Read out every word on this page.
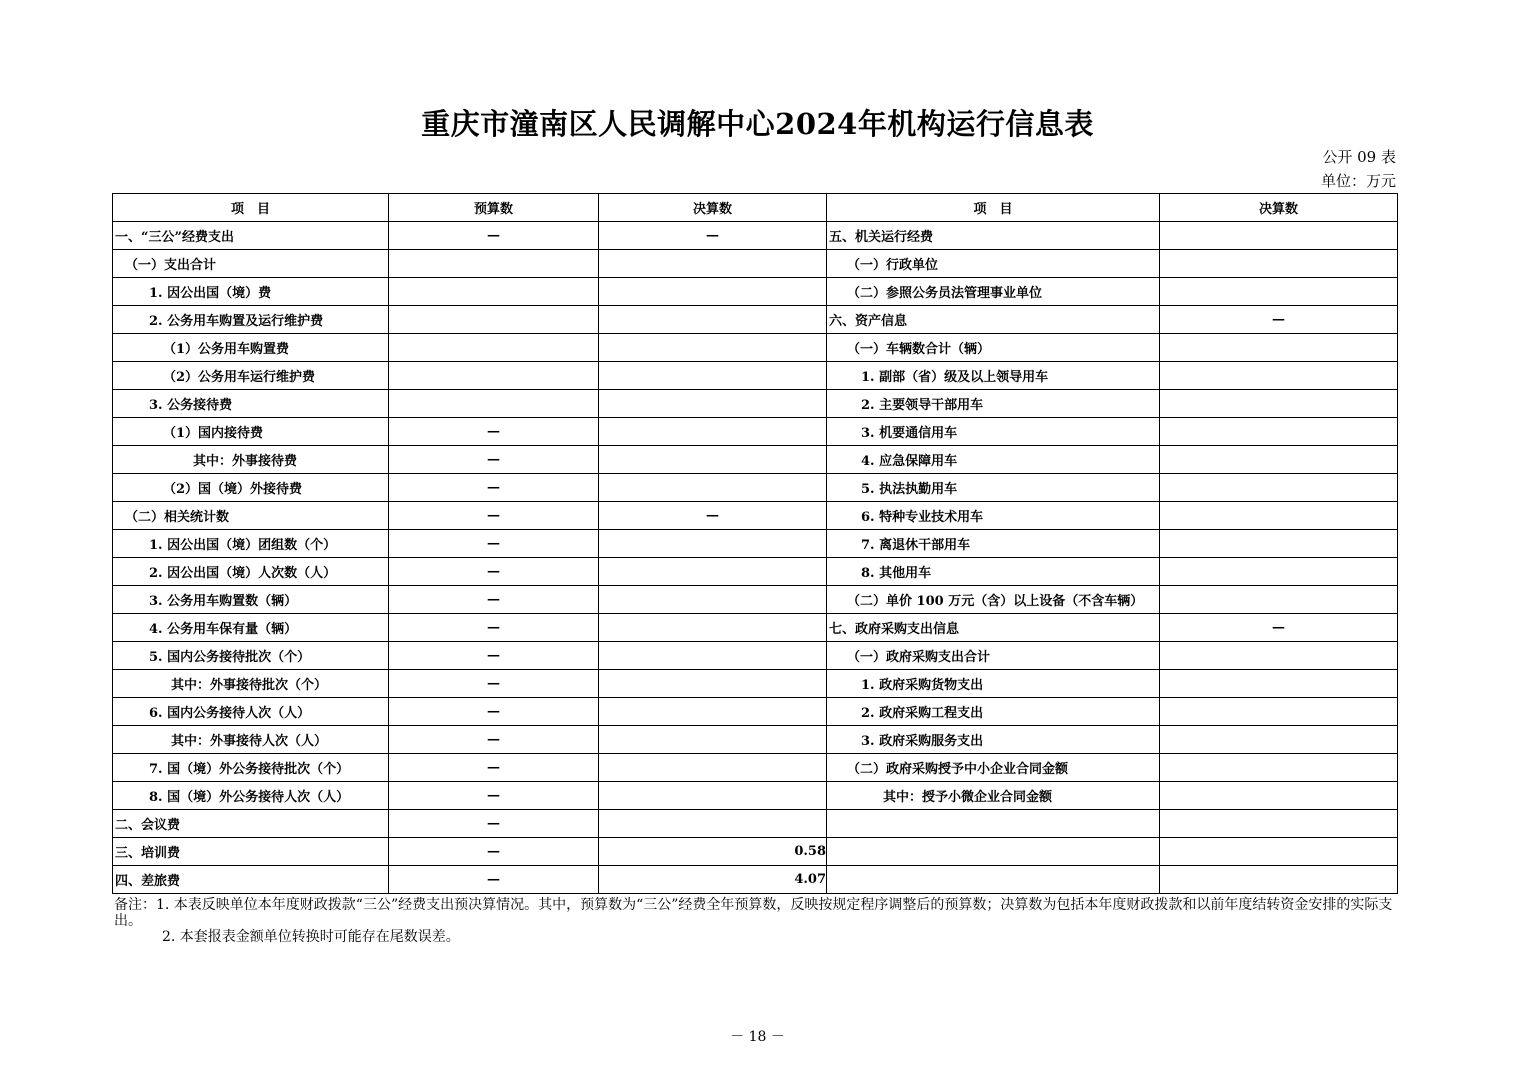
重庆市潼南区人民调解中心2024年机构运行信息表
公开 09 表
单位：万元
项　目	预算数	决算数	项　目	决算数
一、“三公”经费支出	—	—	五、机关运行经费	
（一）支出合计			（一）行政单位	
1. 因公出国（境）费			（二）参照公务员法管理事业单位	
2. 公务用车购置及运行维护费			六、资产信息	—
（1）公务用车购置费			（一）车辆数合计（辆）	
（2）公务用车运行维护费			1. 副部（省）级及以上领导用车	
3. 公务接待费			2. 主要领导干部用车	
（1）国内接待费	—		3. 机要通信用车	
其中：外事接待费	—		4. 应急保障用车	
（2）国（境）外接待费	—		5. 执法执勤用车	
（二）相关统计数	—	—	6. 特种专业技术用车	
1. 因公出国（境）团组数（个）	—		7. 离退休干部用车	
2. 因公出国（境）人次数（人）	—		8. 其他用车	
3. 公务用车购置数（辆）	—		（二）单价 100 万元（含）以上设备（不含车辆）	
4. 公务用车保有量（辆）	—		七、政府采购支出信息	—
5. 国内公务接待批次（个）	—		（一）政府采购支出合计	
其中：外事接待批次（个）	—		1. 政府采购货物支出	
6. 国内公务接待人次（人）	—		2. 政府采购工程支出	
其中：外事接待人次（人）	—		3. 政府采购服务支出	
7. 国（境）外公务接待批次（个）	—		（二）政府采购授予中小企业合同金额	
8. 国（境）外公务接待人次（人）	—		其中：授予小微企业合同金额	
二、会议费	—			
三、培训费	—	0.58		
四、差旅费	—	4.07		

备注：1. 本表反映单位本年度财政拨款“三公”经费支出预决算情况。其中，预算数为“三公”经费全年预算数，反映按规定程序调整后的预算数；决算数为包括本年度财政拨款和以前年度结转资金安排的实际支出。

2. 本套报表金额单位转换时可能存在尾数误差。

－ 18 －
